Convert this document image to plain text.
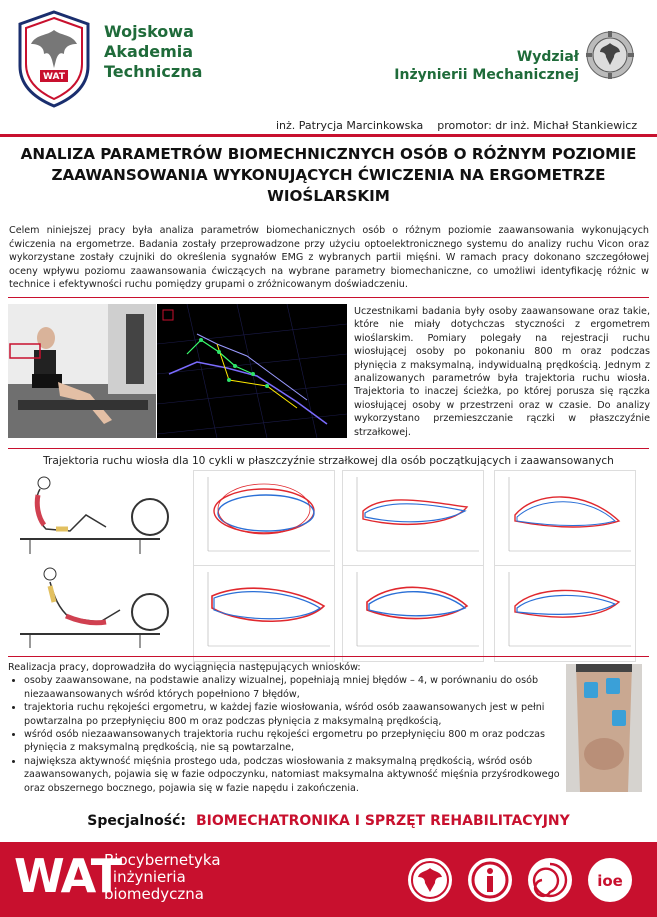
WAT
Wojskowa
Akademia
Techniczna
Wydział
Inżynierii Mechanicznej
inż. Patrycja Marcinkowska    promotor: dr inż. Michał Stankiewicz
ANALIZA PARAMETRÓW BIOMECHNICZNYCH OSÓB O RÓŻNYM POZIOMIE
ZAAWANSOWANIA WYKONUJĄCYCH ĆWICZENIA NA ERGOMETRZE
WIOŚLARSKIM
Celem niniejszej pracy była analiza parametrów biomechanicznych osób o różnym poziomie zaawansowania wykonujących ćwiczenia na ergometrze. Badania zostały przeprowadzone przy użyciu optoelektronicznego systemu do analizy ruchu Vicon oraz wykorzystane zostały czujniki do określenia sygnałów EMG z wybranych partii mięśni. W ramach pracy dokonano szczegółowej oceny wpływu poziomu zaawansowania ćwiczących na wybrane parametry biomechaniczne, co umożliwi identyfikację różnic w technice i efektywności ruchu pomiędzy grupami o zróżnicowanym doświadczeniu.
Uczestnikami badania były osoby zaawansowane oraz takie, które nie miały dotychczas styczności z ergometrem wioślarskim. Pomiary polegały na rejestracji ruchu wiosłującej osoby po pokonaniu 800 m oraz podczas płynięcia z maksymalną, indywidualną prędkością. Jednym z analizowanych parametrów była trajektoria ruchu wiosła. Trajektoria to inaczej ścieżka, po której porusza się rączka wiosłującej osoby w przestrzeni oraz w czasie. Do analizy wykorzystano przemieszczanie rączki w płaszczyźnie strzałkowej.
Trajektoria ruchu wiosła dla 10 cykli w płaszczyźnie strzałkowej dla osób początkujących i zaawansowanych
Realizacja pracy, doprowadziła do wyciągnięcia następujących wniosków:
• osoby zaawansowane, na podstawie analizy wizualnej, popełniają mniej błędów – 4, w porównaniu do osób niezaawansowanych wśród których popełniono 7 błędów,
• trajektoria ruchu rękojeści ergometru, w każdej fazie wiosłowania, wśród osób zaawansowanych jest w pełni powtarzalna po przepłynięciu 800 m oraz podczas płynięcia z maksymalną prędkością,
• wśród osób niezaawansowanych trajektoria ruchu rękojeści ergometru po przepłynięciu 800 m oraz podczas płynięcia z maksymalną prędkością, nie są powtarzalne,
• największa aktywność mięśnia prostego uda, podczas wiosłowania z maksymalną prędkością, wśród osób zaawansowanych, pojawia się w fazie odpoczynku, natomiast maksymalna aktywność mięśnia przyśrodkowego oraz obszernego bocznego, pojawia się w fazie napędu i zakończenia.
Specjalność: BIOMECHATRONIKA I SPRZĘT REHABILITACYJNY
WAT
Biocybernetyka
i inżynieria
biomedyczna
ioe
